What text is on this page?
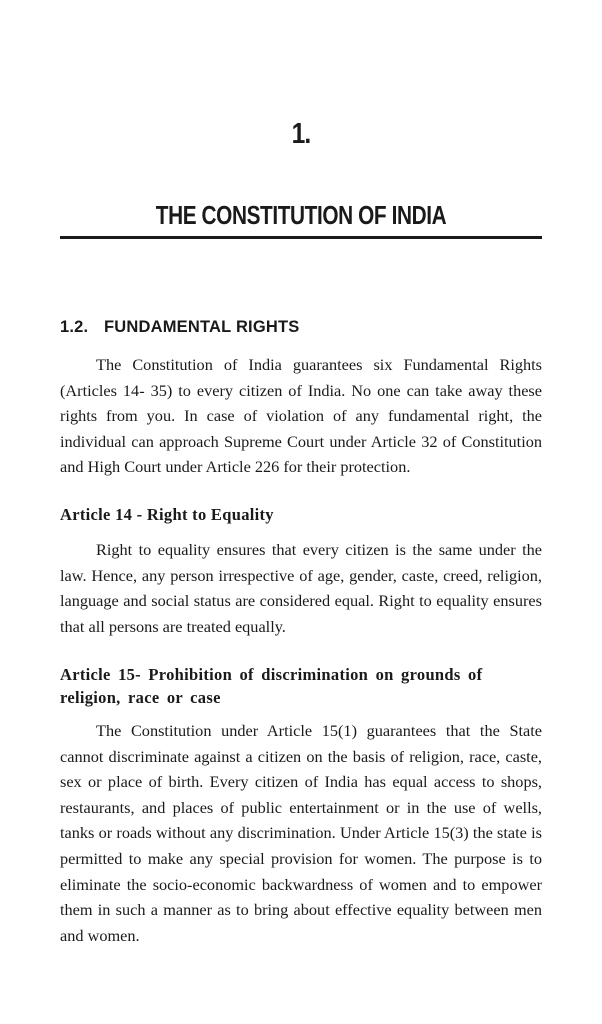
1.
THE CONSTITUTION OF INDIA
1.2. FUNDAMENTAL RIGHTS

The Constitution of India guarantees six Fundamental Rights (Articles 14- 35) to every citizen of India. No one can take away these rights from you. In case of violation of any fundamental right, the individual can approach Supreme Court under Article 32 of Constitution and High Court under Article 226 for their protection.

Article 14 - Right to Equality

Right to equality ensures that every citizen is the same under the law. Hence, any person irrespective of age, gender, caste, creed, religion, language and social status are considered equal. Right to equality ensures that all persons are treated equally.

Article 15- Prohibition of discrimination on grounds of religion, race or case

The Constitution under Article 15(1) guarantees that the State cannot discriminate against a citizen on the basis of religion, race, caste, sex or place of birth. Every citizen of India has equal access to shops, restaurants, and places of public entertainment or in the use of wells, tanks or roads without any discrimination. Under Article 15(3) the state is permitted to make any special provision for women. The purpose is to eliminate the socio-economic backwardness of women and to empower them in such a manner as to bring about effective equality between men and women.
